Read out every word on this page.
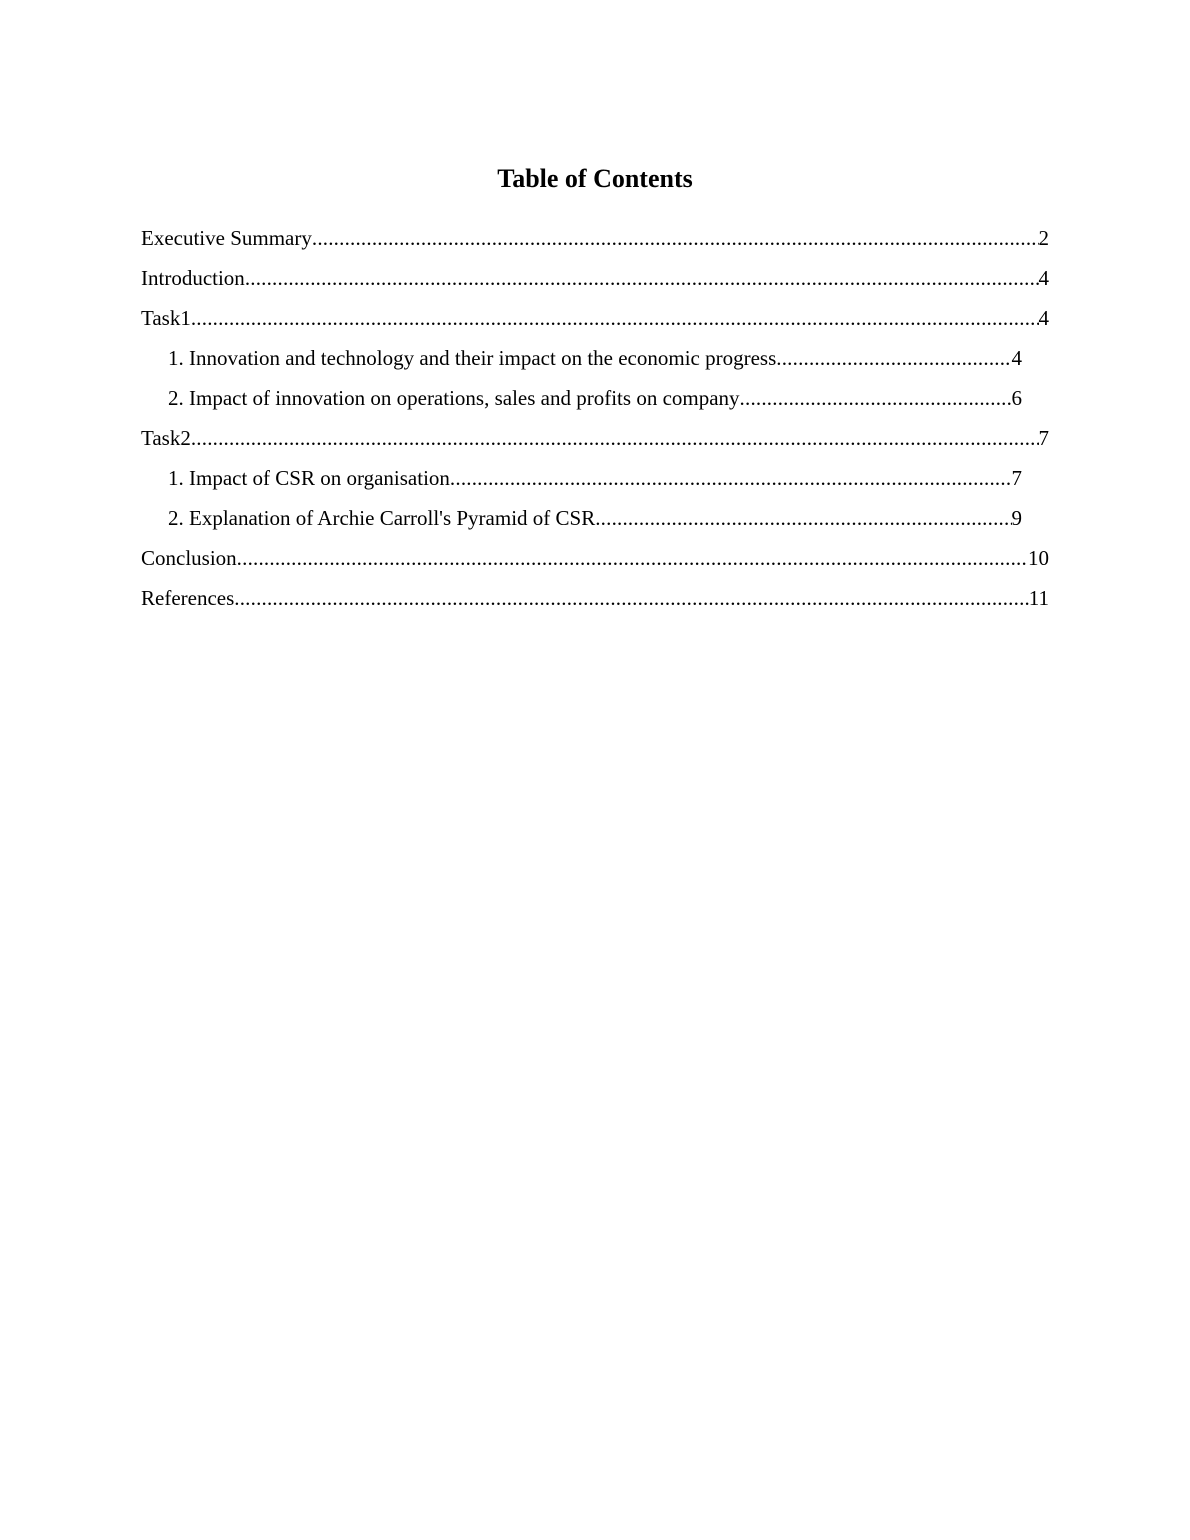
Table of Contents
Executive Summary .....	2
Introduction .....	4
Task1 .....	4
1. Innovation and technology and their impact on the economic progress .....	4
2. Impact of innovation on operations, sales and profits on company .....	6
Task2 .....	7
1. Impact of CSR on organisation .....	7
2. Explanation of Archie Carroll's Pyramid of CSR .....	9
Conclusion .....	10
References .....	11
